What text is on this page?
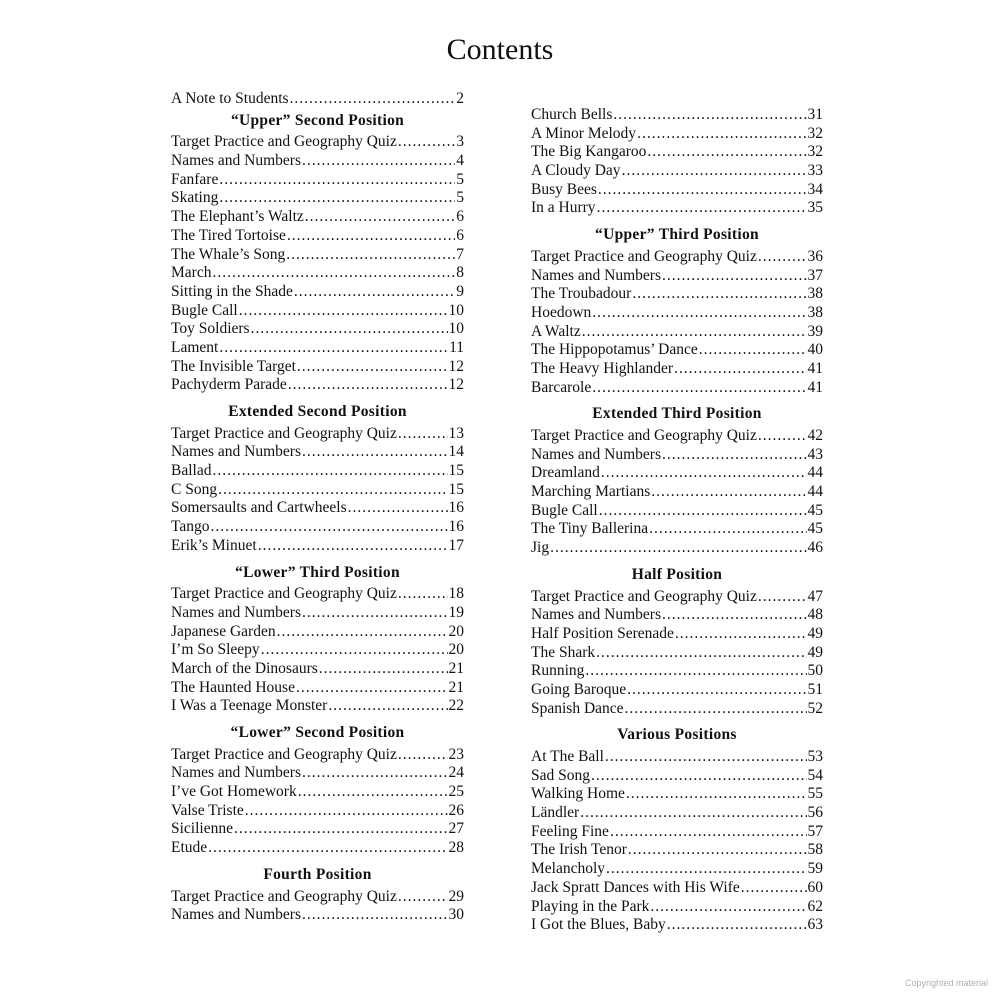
Contents
A Note to Students .....	2
“Upper” Second Position
Target Practice and Geography Quiz .....	3
Names and Numbers .....	4
Fanfare .....	5
Skating .....	5
The Elephant’s Waltz .....	6
The Tired Tortoise .....	6
The Whale’s Song .....	7
March .....	8
Sitting in the Shade .....	9
Bugle Call .....	10
Toy Soldiers .....	10
Lament .....	11
The Invisible Target .....	12
Pachyderm Parade .....	12
Extended Second Position
Target Practice and Geography Quiz .....	13
Names and Numbers .....	14
Ballad .....	15
C Song .....	15
Somersaults and Cartwheels .....	16
Tango .....	16
Erik’s Minuet .....	17
“Lower” Third Position
Target Practice and Geography Quiz .....	18
Names and Numbers .....	19
Japanese Garden .....	20
I’m So Sleepy .....	20
March of the Dinosaurs .....	21
The Haunted House .....	21
I Was a Teenage Monster .....	22
“Lower” Second Position
Target Practice and Geography Quiz .....	23
Names and Numbers .....	24
I’ve Got Homework .....	25
Valse Triste .....	26
Sicilienne .....	27
Etude .....	28
Fourth Position
Target Practice and Geography Quiz .....	29
Names and Numbers .....	30
Church Bells .....	31
A Minor Melody .....	32
The Big Kangaroo .....	32
A Cloudy Day .....	33
Busy Bees .....	34
In a Hurry .....	35
“Upper” Third Position
Target Practice and Geography Quiz .....	36
Names and Numbers .....	37
The Troubadour .....	38
Hoedown .....	38
A Waltz .....	39
The Hippopotamus’ Dance .....	40
The Heavy Highlander .....	41
Barcarole .....	41
Extended Third Position
Target Practice and Geography Quiz .....	42
Names and Numbers .....	43
Dreamland .....	44
Marching Martians .....	44
Bugle Call .....	45
The Tiny Ballerina .....	45
Jig .....	46
Half Position
Target Practice and Geography Quiz .....	47
Names and Numbers .....	48
Half Position Serenade .....	49
The Shark .....	49
Running .....	50
Going Baroque .....	51
Spanish Dance .....	52
Various Positions
At The Ball .....	53
Sad Song .....	54
Walking Home .....	55
Ländler .....	56
Feeling Fine .....	57
The Irish Tenor .....	58
Melancholy .....	59
Jack Spratt Dances with His Wife .....	60
Playing in the Park .....	62
I Got the Blues, Baby .....	63
Copyrighted material
